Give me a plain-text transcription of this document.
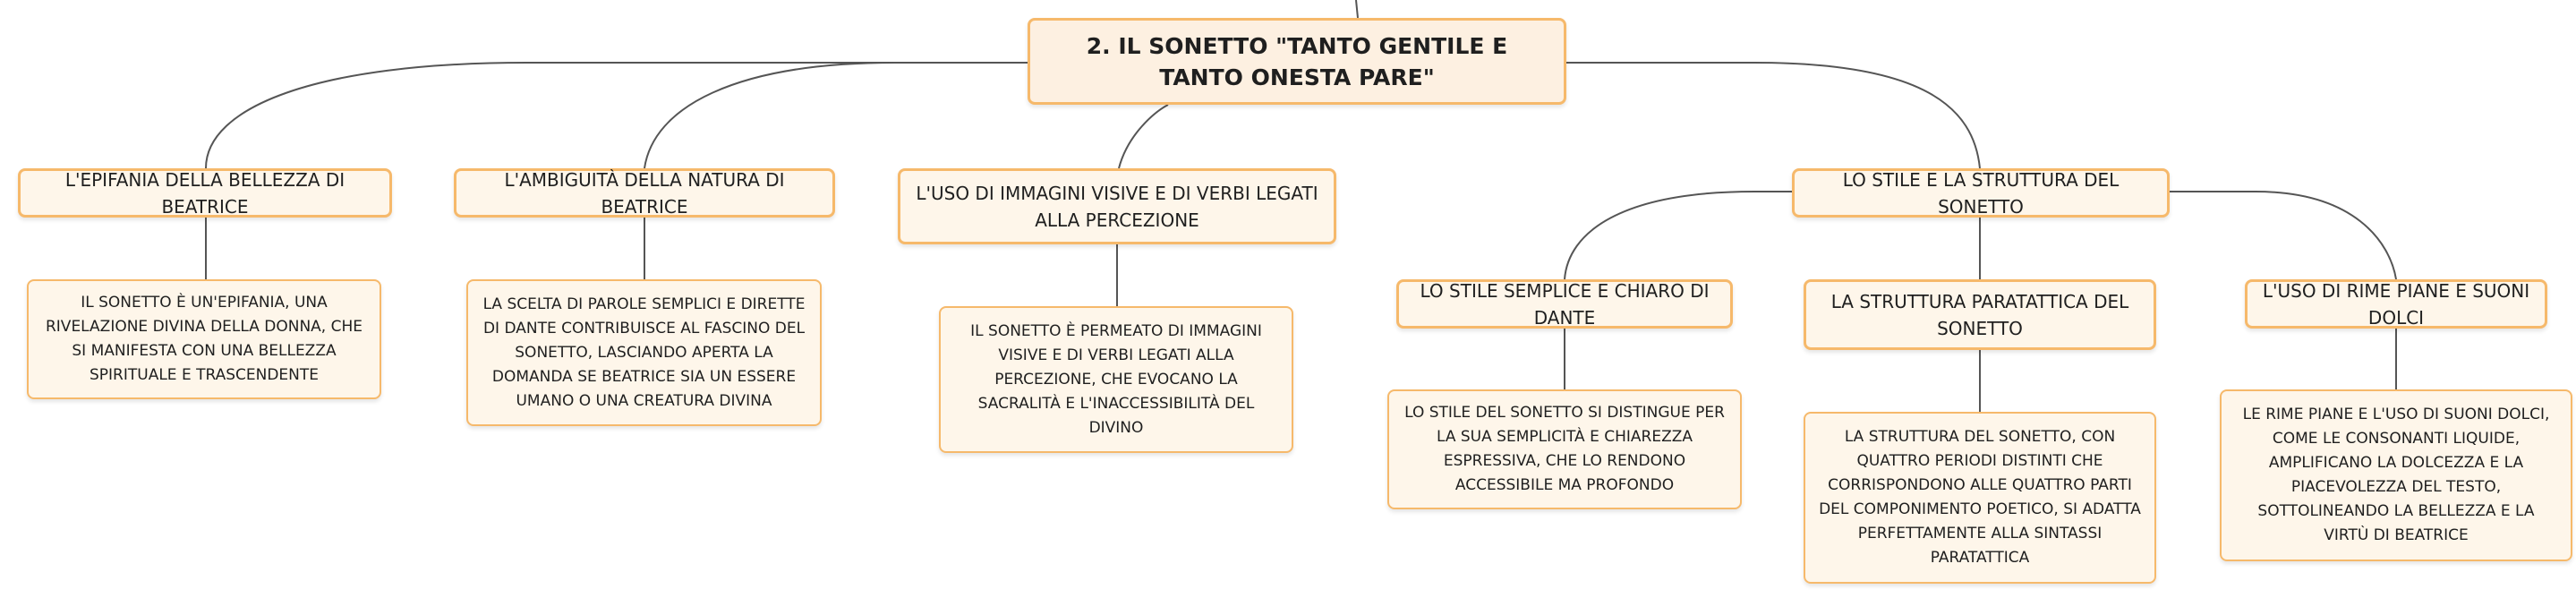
2. IL SONETTO "TANTO GENTILE E TANTO ONESTA PARE"
L'EPIFANIA DELLA BELLEZZA DI BEATRICE
IL SONETTO È UN'EPIFANIA, UNA RIVELAZIONE DIVINA DELLA DONNA, CHE SI MANIFESTA CON UNA BELLEZZA SPIRITUALE E TRASCENDENTE
L'AMBIGUITÀ DELLA NATURA DI BEATRICE
LA SCELTA DI PAROLE SEMPLICI E DIRETTE DI DANTE CONTRIBUISCE AL FASCINO DEL SONETTO, LASCIANDO APERTA LA DOMANDA SE BEATRICE SIA UN ESSERE UMANO O UNA CREATURA DIVINA
L'USO DI IMMAGINI VISIVE E DI VERBI LEGATI ALLA PERCEZIONE
IL SONETTO È PERMEATO DI IMMAGINI VISIVE E DI VERBI LEGATI ALLA PERCEZIONE, CHE EVOCANO LA SACRALITÀ E L'INACCESSIBILITÀ DEL DIVINO
LO STILE E LA STRUTTURA DEL SONETTO
LO STILE SEMPLICE E CHIARO DI DANTE
LO STILE DEL SONETTO SI DISTINGUE PER LA SUA SEMPLICITÀ E CHIAREZZA ESPRESSIVA, CHE LO RENDONO ACCESSIBILE MA PROFONDO
LA STRUTTURA PARATATTICA DEL SONETTO
LA STRUTTURA DEL SONETTO, CON QUATTRO PERIODI DISTINTI CHE CORRISPONDONO ALLE QUATTRO PARTI DEL COMPONIMENTO POETICO, SI ADATTA PERFETTAMENTE ALLA SINTASSI PARATATTICA
L'USO DI RIME PIANE E SUONI DOLCI
LE RIME PIANE E L'USO DI SUONI DOLCI, COME LE CONSONANTI LIQUIDE, AMPLIFICANO LA DOLCEZZA E LA PIACEVOLEZZA DEL TESTO, SOTTOLINEANDO LA BELLEZZA E LA VIRTÙ DI BEATRICE
